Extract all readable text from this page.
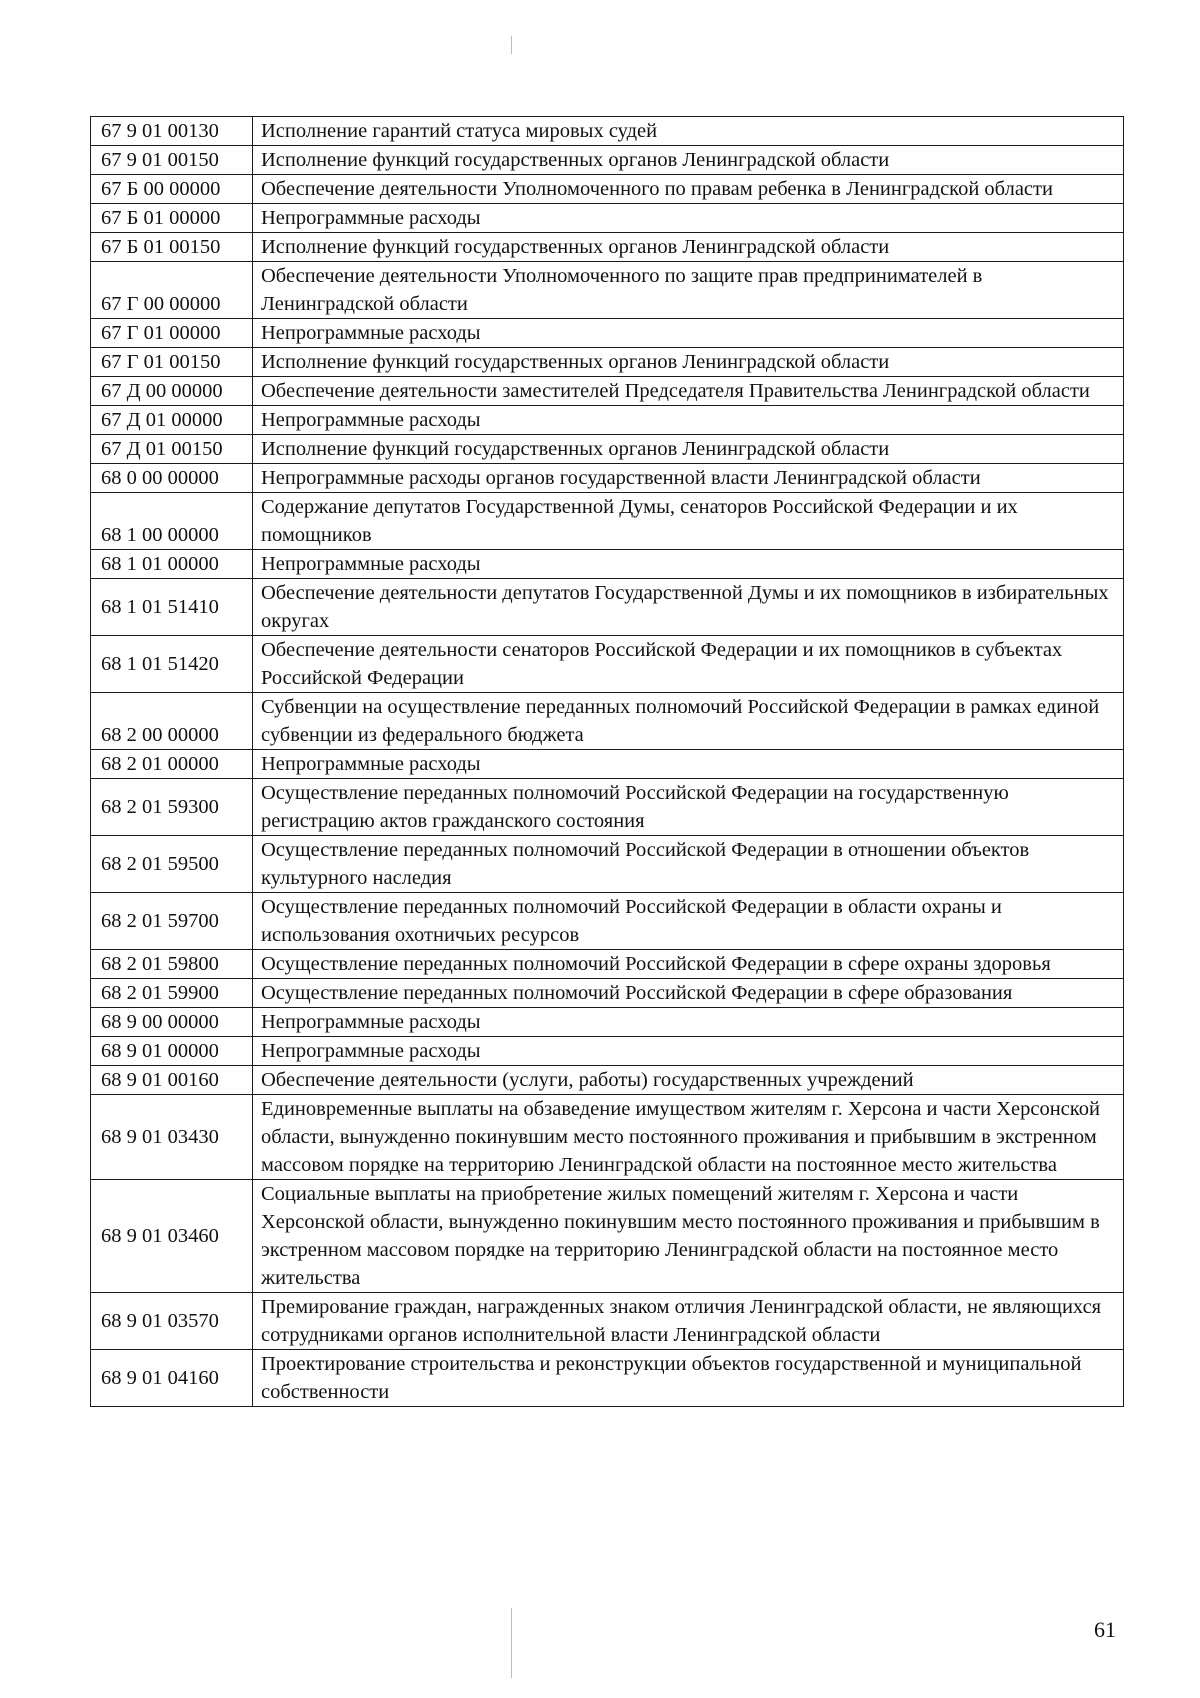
67 9 01 00130	Исполнение гарантий статуса мировых судей
67 9 01 00150	Исполнение функций государственных органов Ленинградской области
67 Б 00 00000	Обеспечение деятельности Уполномоченного по правам ребенка в Ленинградской области
67 Б 01 00000	Непрограммные расходы
67 Б 01 00150	Исполнение функций государственных органов Ленинградской области
67 Г 00 00000	Обеспечение деятельности Уполномоченного по защите прав предпринимателей в Ленинградской области
67 Г 01 00000	Непрограммные расходы
67 Г 01 00150	Исполнение функций государственных органов Ленинградской области
67 Д 00 00000	Обеспечение деятельности заместителей Председателя Правительства Ленинградской области
67 Д 01 00000	Непрограммные расходы
67 Д 01 00150	Исполнение функций государственных органов Ленинградской области
68 0 00 00000	Непрограммные расходы органов государственной власти Ленинградской области
68 1 00 00000	Содержание депутатов Государственной Думы, сенаторов Российской Федерации и их помощников
68 1 01 00000	Непрограммные расходы
68 1 01 51410	Обеспечение деятельности депутатов Государственной Думы и их помощников в избирательных округах
68 1 01 51420	Обеспечение деятельности сенаторов Российской Федерации и их помощников в субъектах Российской Федерации
68 2 00 00000	Субвенции на осуществление переданных полномочий Российской Федерации в рамках единой субвенции из федерального бюджета
68 2 01 00000	Непрограммные расходы
68 2 01 59300	Осуществление переданных полномочий Российской Федерации на государственную регистрацию актов гражданского состояния
68 2 01 59500	Осуществление переданных полномочий Российской Федерации в отношении объектов культурного наследия
68 2 01 59700	Осуществление переданных полномочий Российской Федерации в области охраны и использования охотничьих ресурсов
68 2 01 59800	Осуществление переданных полномочий Российской Федерации в сфере охраны здоровья
68 2 01 59900	Осуществление переданных полномочий Российской Федерации в сфере образования
68 9 00 00000	Непрограммные расходы
68 9 01 00000	Непрограммные расходы
68 9 01 00160	Обеспечение деятельности (услуги, работы) государственных учреждений
68 9 01 03430	Единовременные выплаты на обзаведение имуществом жителям г. Херсона и части Херсонской области, вынужденно покинувшим место постоянного проживания и прибывшим в экстренном массовом порядке на территорию Ленинградской области на постоянное место жительства
68 9 01 03460	Социальные выплаты на приобретение жилых помещений жителям г. Херсона и части Херсонской области, вынужденно покинувшим место постоянного проживания и прибывшим в экстренном массовом порядке на территорию Ленинградской области на постоянное место жительства
68 9 01 03570	Премирование граждан, награжденных знаком отличия Ленинградской области, не являющихся сотрудниками органов исполнительной власти Ленинградской области
68 9 01 04160	Проектирование строительства и реконструкции объектов государственной и муниципальной собственности
61
